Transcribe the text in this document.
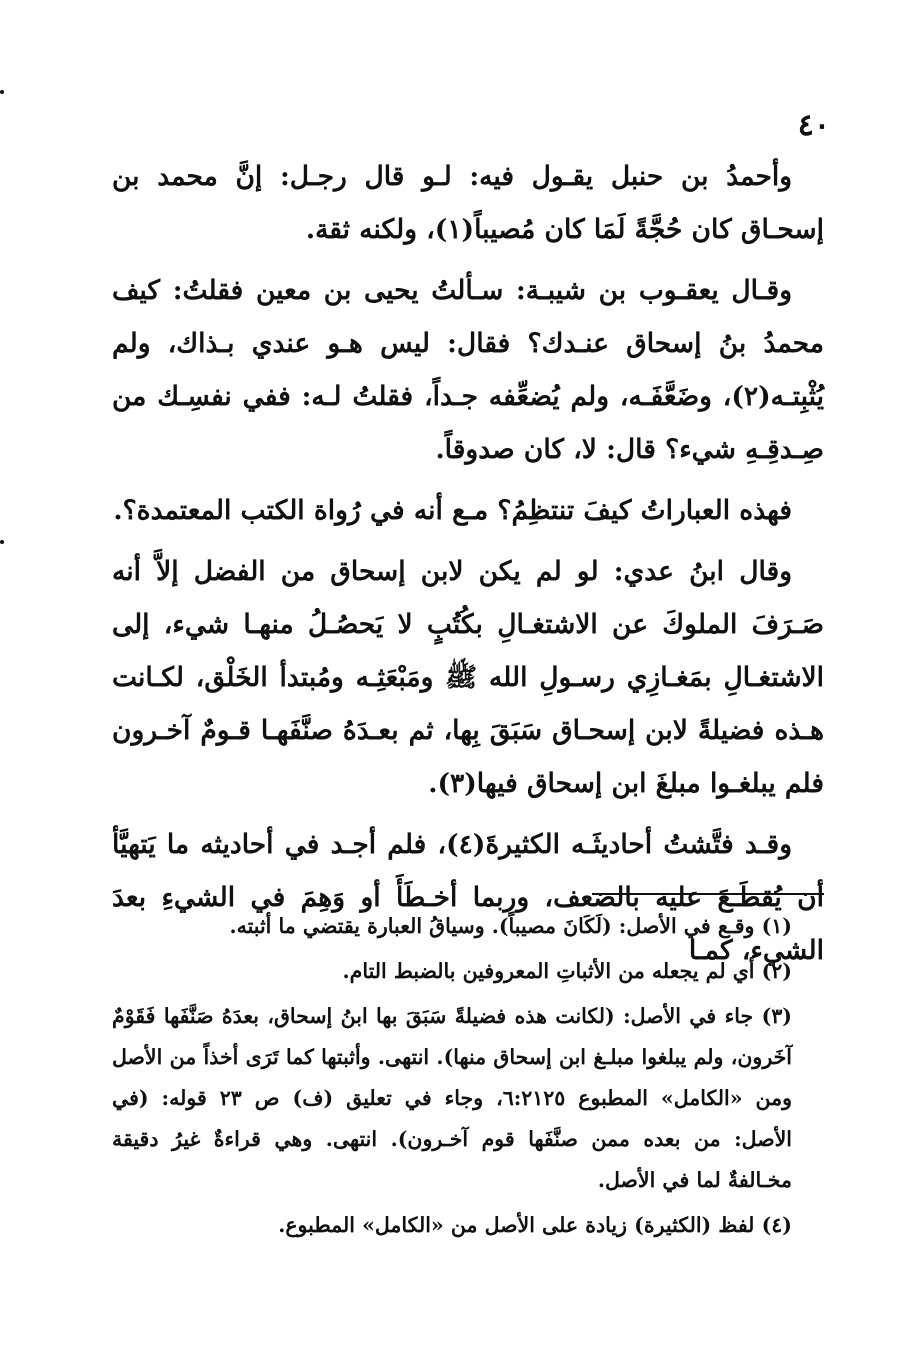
٤٠

وأحمدُ بن حنبل يقـول فيه: لـو قال رجـل: إنَّ محمد بن إسحـاق كان حُجَّةً لَمَا كان مُصيباً(١)، ولكنه ثقة.

وقـال يعقـوب بن شيبـة: سـألتُ يحيى بن معين فقلتُ: كيف محمدُ بنُ إسحاق عنـدك؟ فقال: ليس هـو عندي بـذاك، ولم يُثْبِتـه(٢)، وضَعَّفَـه، ولم يُضعِّفه جـداً، فقلتُ لـه: ففي نفسِـك من صِـدقِـهِ شيء؟ قال: لا، كان صدوقاً.

فهذه العباراتُ كيفَ تنتظِمُ؟ مـع أنه في رُواة الكتب المعتمدة؟.

وقال ابنُ عدي: لو لم يكن لابن إسحاق من الفضل إلاَّ أنه صَـرَفَ الملوكَ عن الاشتغـالِ بكُتُبٍ لا يَحصُـلُ منهـا شيء، إلى الاشتغـالِ بمَغـازِي رسـولِ الله ﷺ ومَبْعَثِـه ومُبتدأ الخَلْق، لكـانت هـذه فضيلةً لابن إسحـاق سَبَقَ بِها، ثم بعـدَهُ صنَّفَهـا قـومٌ آخـرون فلم يبلغـوا مبلغَ ابن إسحاق فيها(٣).

وقـد فتَّشتُ أحاديثَـه الكثيرةَ(٤)، فلم أجـد في أحاديثه ما يَتهيَّأ أن يُقطَـعَ عليه بالضعف، وربما أخـطَأَ أو وَهِمَ في الشيءِ بعدَ الشيء، كمـا

(١) وقـع في الأصل: (لَكَانَ مصيباً). وسياقُ العبارة يقتضي ما أثبته.
(٢) أي لم يجعله من الأثباتِ المعروفين بالضبط التام.
(٣) جاء في الأصل: (لكانت هذه فضيلةً سَبَقَ بها ابنُ إسحاق، بعدَهُ صَنَّفَها فَقَوْمٌ آخَرون، ولم يبلغوا مبلـغ ابن إسحاق منها). انتهى. وأثبتها كما تَرَى أخذاً من الأصل ومن «الكامل» المطبوع ٦:٢١٢٥، وجاء في تعليق (ف) ص ٢٣ قوله: (في الأصل: من بعده ممن صنَّفَها قوم آخـرون). انتهى. وهي قراءةٌ غيرُ دقيقة مخـالفةٌ لما في الأصل.
(٤) لفظ (الكثيرة) زيادة على الأصل من «الكامل» المطبوع.
